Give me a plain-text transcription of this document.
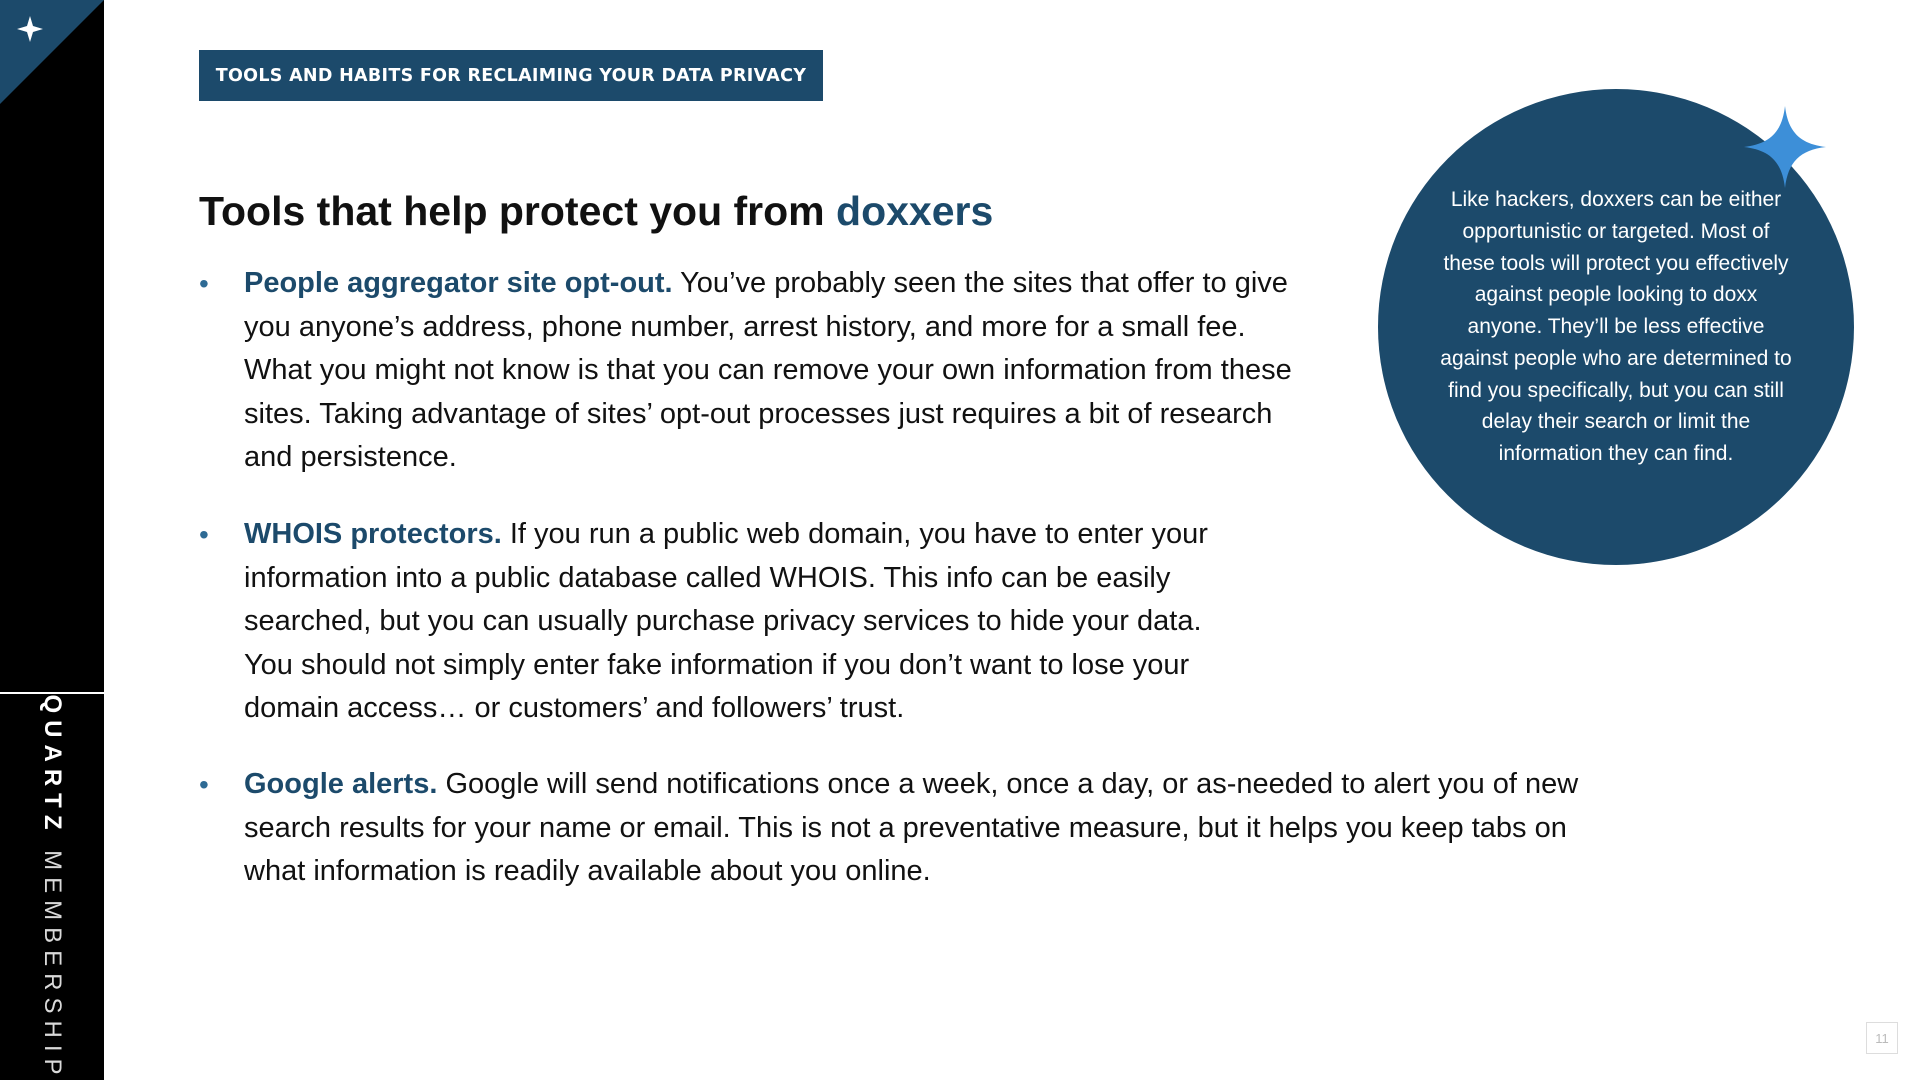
QUARTZ MEMBERSHIP
TOOLS AND HABITS FOR RECLAIMING YOUR DATA PRIVACY
Tools that help protect you from doxxers
• People aggregator site opt-out. You’ve probably seen the sites that offer to give you anyone’s address, phone number, arrest history, and more for a small fee. What you might not know is that you can remove your own information from these sites. Taking advantage of sites’ opt-out processes just requires a bit of research and persistence.

• WHOIS protectors. If you run a public web domain, you have to enter your information into a public database called WHOIS. This info can be easily searched, but you can usually purchase privacy services to hide your data. You should not simply enter fake information if you don’t want to lose your domain access… or customers’ and followers’ trust.

• Google alerts. Google will send notifications once a week, once a day, or as-needed to alert you of new search results for your name or email. This is not a preventative measure, but it helps you keep tabs on what information is readily available about you online.

Like hackers, doxxers can be either opportunistic or targeted. Most of these tools will protect you effectively against people looking to doxx anyone. They’ll be less effective against people who are determined to find you specifically, but you can still delay their search or limit the information they can find.

11
